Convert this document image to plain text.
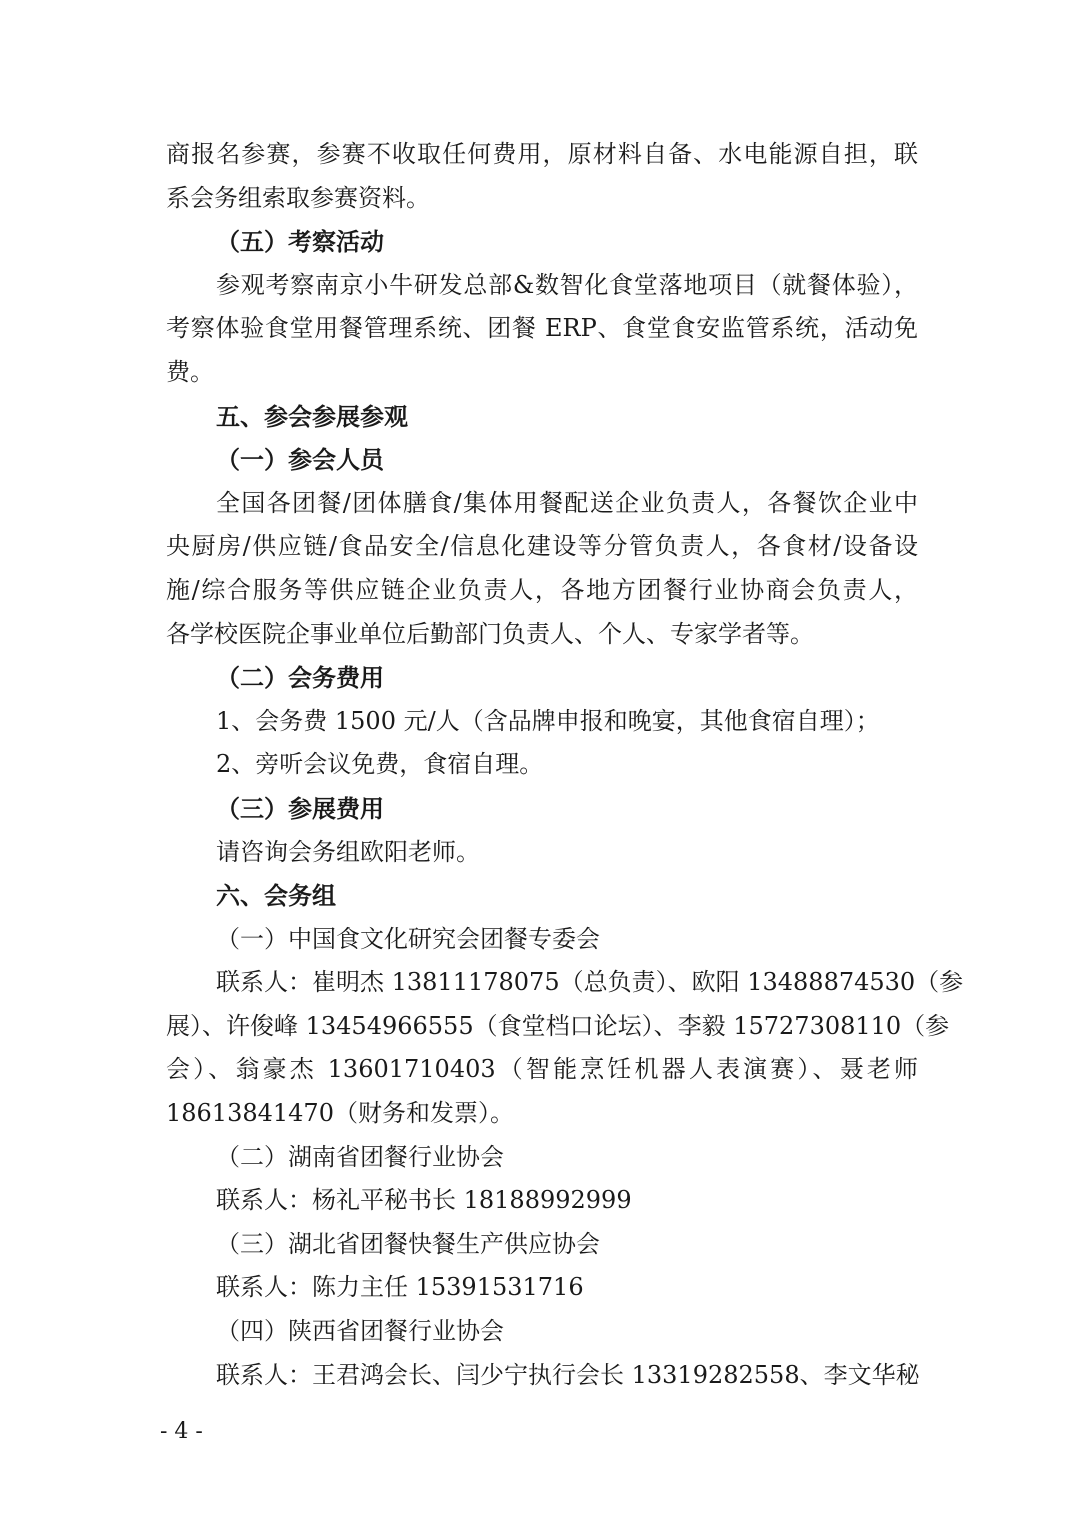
商报名参赛，参赛不收取任何费用，原材料自备、水电能源自担，联

系会务组索取参赛资料。

（五）考察活动

参观考察南京小牛研发总部&数智化食堂落地项目（就餐体验），

考察体验食堂用餐管理系统、团餐 ERP、食堂食安监管系统，活动免

费。

五、参会参展参观

（一）参会人员

全国各团餐/团体膳食/集体用餐配送企业负责人，各餐饮企业中

央厨房/供应链/食品安全/信息化建设等分管负责人，各食材/设备设

施/综合服务等供应链企业负责人，各地方团餐行业协商会负责人，

各学校医院企事业单位后勤部门负责人、个人、专家学者等。

（二）会务费用

1、会务费 1500 元/人（含品牌申报和晚宴，其他食宿自理）；

2、旁听会议免费，食宿自理。

（三）参展费用

请咨询会务组欧阳老师。

六、会务组

（一）中国食文化研究会团餐专委会

联系人：崔明杰 13811178075（总负责）、欧阳 13488874530（参

展）、许俊峰 13454966555（食堂档口论坛）、李毅 15727308110（参

会）、翁豪杰 13601710403（智能烹饪机器人表演赛）、聂老师

18613841470（财务和发票）。

（二）湖南省团餐行业协会

联系人：杨礼平秘书长 18188992999

（三）湖北省团餐快餐生产供应协会

联系人：陈力主任 15391531716

（四）陕西省团餐行业协会

联系人：王君鸿会长、闫少宁执行会长 13319282558、李文华秘

- 4 -
